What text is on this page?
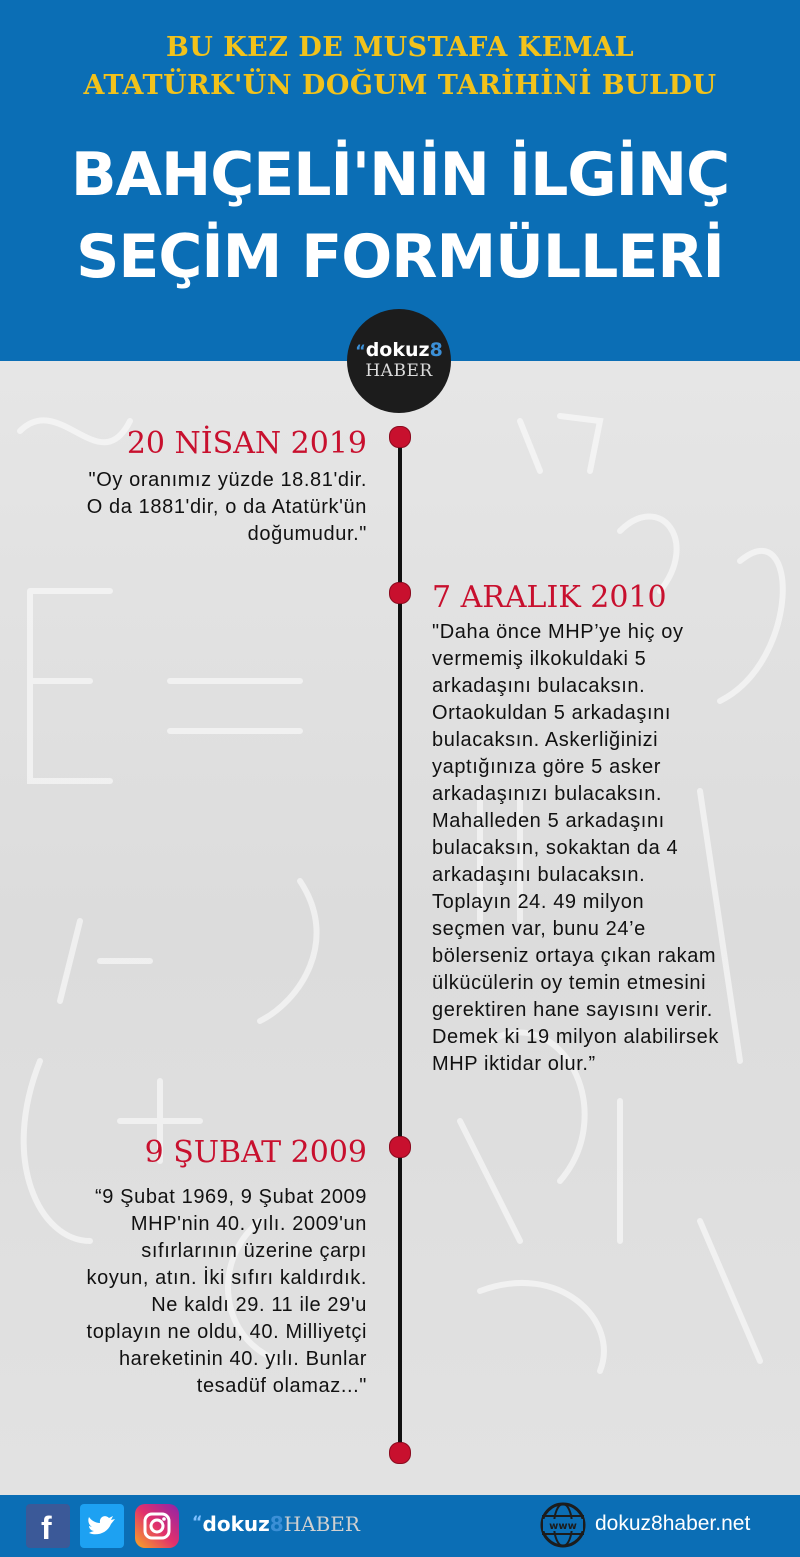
BU KEZ DE MUSTAFA KEMAL
ATATÜRK'ÜN DOĞUM TARİHİNİ BULDU
BAHÇELİ'NİN İLGİNÇ
SEÇİM FORMÜLLERİ
“dokuz8
HABER
20 NİSAN 2019
"Oy oranımız yüzde 18.81'dir.
O da 1881'dir, o da Atatürk'ün
doğumudur."
7 ARALIK 2010
"Daha önce MHP’ye hiç oy
vermemiş ilkokuldaki 5
arkadaşını bulacaksın.
Ortaokuldan 5 arkadaşını
bulacaksın. Askerliğinizi
yaptığınıza göre 5 asker
arkadaşınızı bulacaksın.
Mahalleden 5 arkadaşını
bulacaksın, sokaktan da 4
arkadaşını bulacaksın.
Toplayın 24. 49 milyon
seçmen var, bunu 24’e
bölerseniz ortaya çıkan rakam
ülkücülerin oy temin etmesini
gerektiren hane sayısını verir.
Demek ki 19 milyon alabilirsek
MHP iktidar olur.”
9 ŞUBAT 2009
“9 Şubat 1969, 9 Şubat 2009
MHP'nin 40. yılı. 2009'un
sıfırlarının üzerine çarpı
koyun, atın. İki sıfırı kaldırdık.
Ne kaldı 29. 11 ile 29'u
toplayın ne oldu, 40. Milliyetçi
hareketinin 40. yılı. Bunlar
tesadüf olamaz..."
f	“dokuz8HABER	www dokuz8haber.net
